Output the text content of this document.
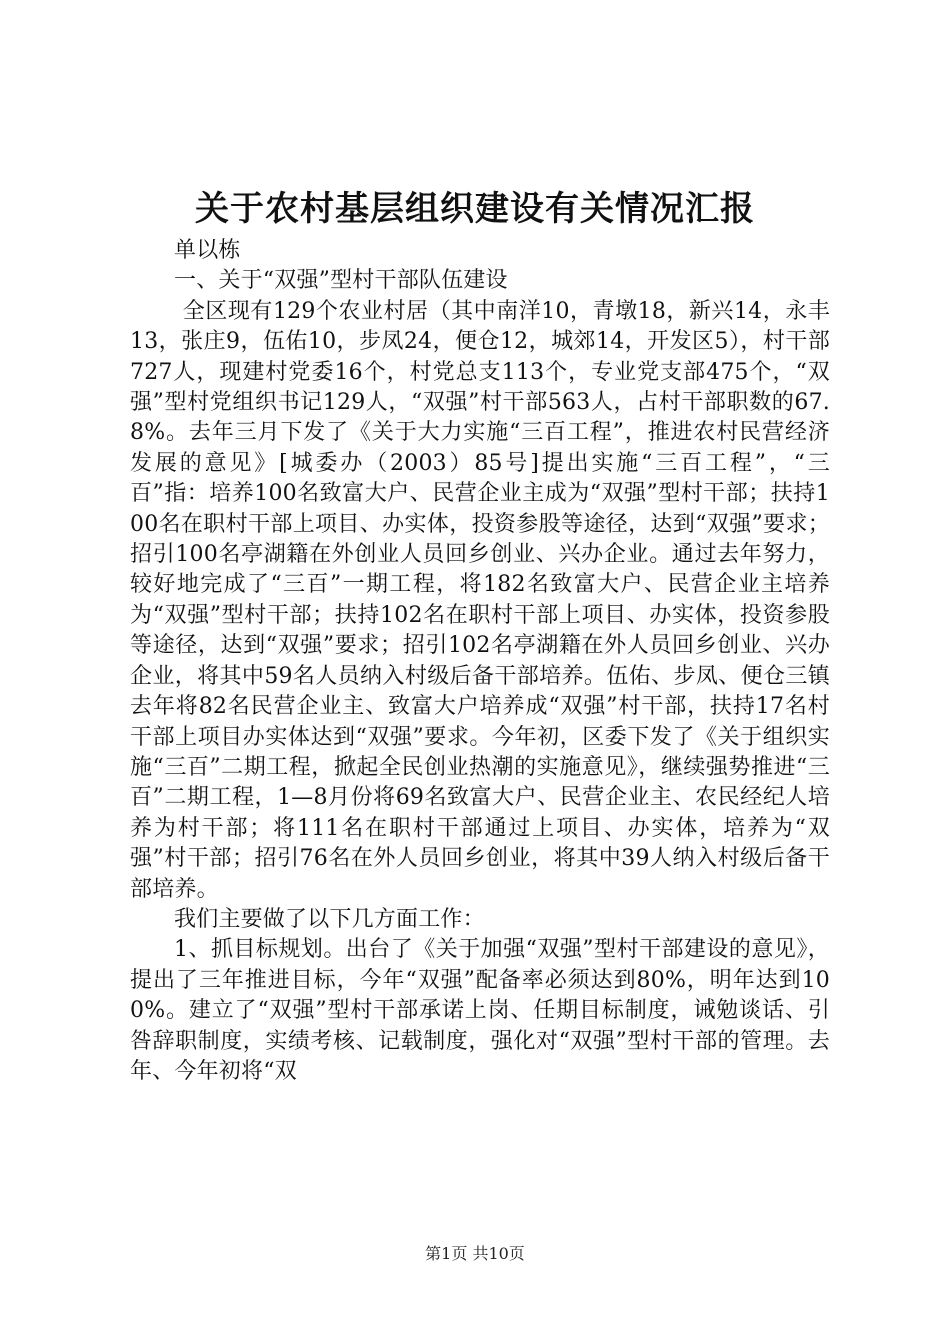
关于农村基层组织建设有关情况汇报

单以栋

一、关于“双强”型村干部队伍建设

全区现有129个农业村居（其中南洋10，青墩18，新兴14，永丰13，张庄9，伍佑10，步凤24，便仓12，城郊14，开发区5），村干部727人，现建村党委16个，村党总支113个，专业党支部475个，“双强”型村党组织书记129人，“双强”村干部563人，占村干部职数的67.8%。去年三月下发了《关于大力实施“三百工程”，推进农村民营经济发展的意见》[城委办（2003）85号]提出实施“三百工程”，“三百”指：培养100名致富大户、民营企业主成为“双强”型村干部；扶持100名在职村干部上项目、办实体，投资参股等途径，达到“双强”要求；招引100名亭湖籍在外创业人员回乡创业、兴办企业。通过去年努力，较好地完成了“三百”一期工程，将182名致富大户、民营企业主培养为“双强”型村干部；扶持102名在职村干部上项目、办实体，投资参股等途径，达到“双强”要求；招引102名亭湖籍在外人员回乡创业、兴办企业，将其中59名人员纳入村级后备干部培养。伍佑、步凤、便仓三镇去年将82名民营企业主、致富大户培养成“双强”村干部，扶持17名村干部上项目办实体达到“双强”要求。今年初，区委下发了《关于组织实施“三百”二期工程，掀起全民创业热潮的实施意见》，继续强势推进“三百”二期工程，1—8月份将69名致富大户、民营企业主、农民经纪人培养为村干部；将111名在职村干部通过上项目、办实体，培养为“双强”村干部；招引76名在外人员回乡创业，将其中39人纳入村级后备干部培养。

我们主要做了以下几方面工作：

1、抓目标规划。出台了《关于加强“双强”型村干部建设的意见》，提出了三年推进目标，今年“双强”配备率必须达到80%，明年达到100%。建立了“双强”型村干部承诺上岗、任期目标制度，诫勉谈话、引咎辞职制度，实绩考核、记载制度，强化对“双强”型村干部的管理。去年、今年初将“双

第1页 共10页
